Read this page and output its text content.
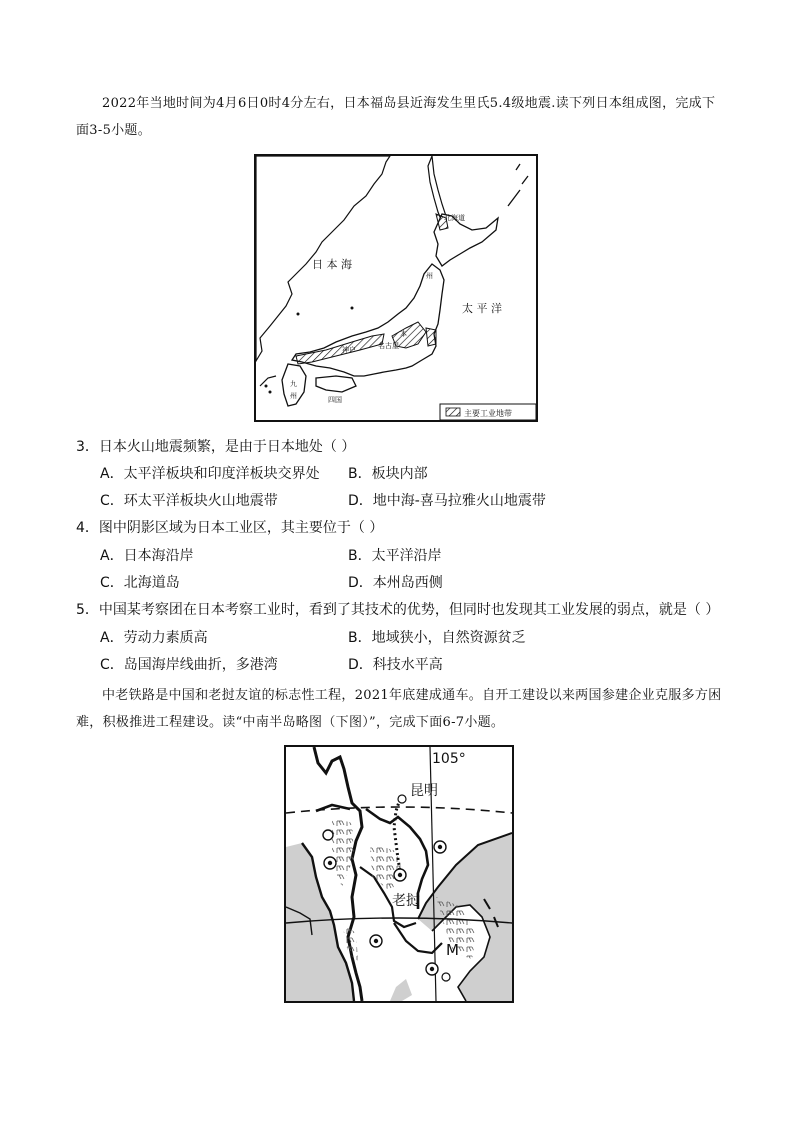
2022年当地时间为4月6日0时4分左右，日本福岛县近海发生里氏5.4级地震.读下列日本组成图，完成下面3-5小题。
日 本 海
太 平 洋
北海道
州
本
名古屋
神户
九
州	四国
主要工业地带
3．日本火山地震频繁，是由于日本地处（ ）
A．太平洋板块和印度洋板块交界处 B．板块内部
C．环太平洋板块火山地震带	D．地中海-喜马拉雅火山地震带
4．图中阴影区域为日本工业区，其主要位于（ ）
A．日本海沿岸	B．太平洋沿岸
C．北海道岛	D．本州岛西侧
5．中国某考察团在日本考察工业时，看到了其技术的优势，但同时也发现其工业发展的弱点，就是（ ）
A．劳动力素质高	B．地域狭小，自然资源贫乏
C．岛国海岸线曲折，多港湾	D．科技水平高
中老铁路是中国和老挝友谊的标志性工程，2021年底建成通车。自开工建设以来两国参建企业克服多方困难，积极推进工程建设。读“中南半岛略图（下图）”，完成下面6-7小题。
105°
昆明
老挝
M
